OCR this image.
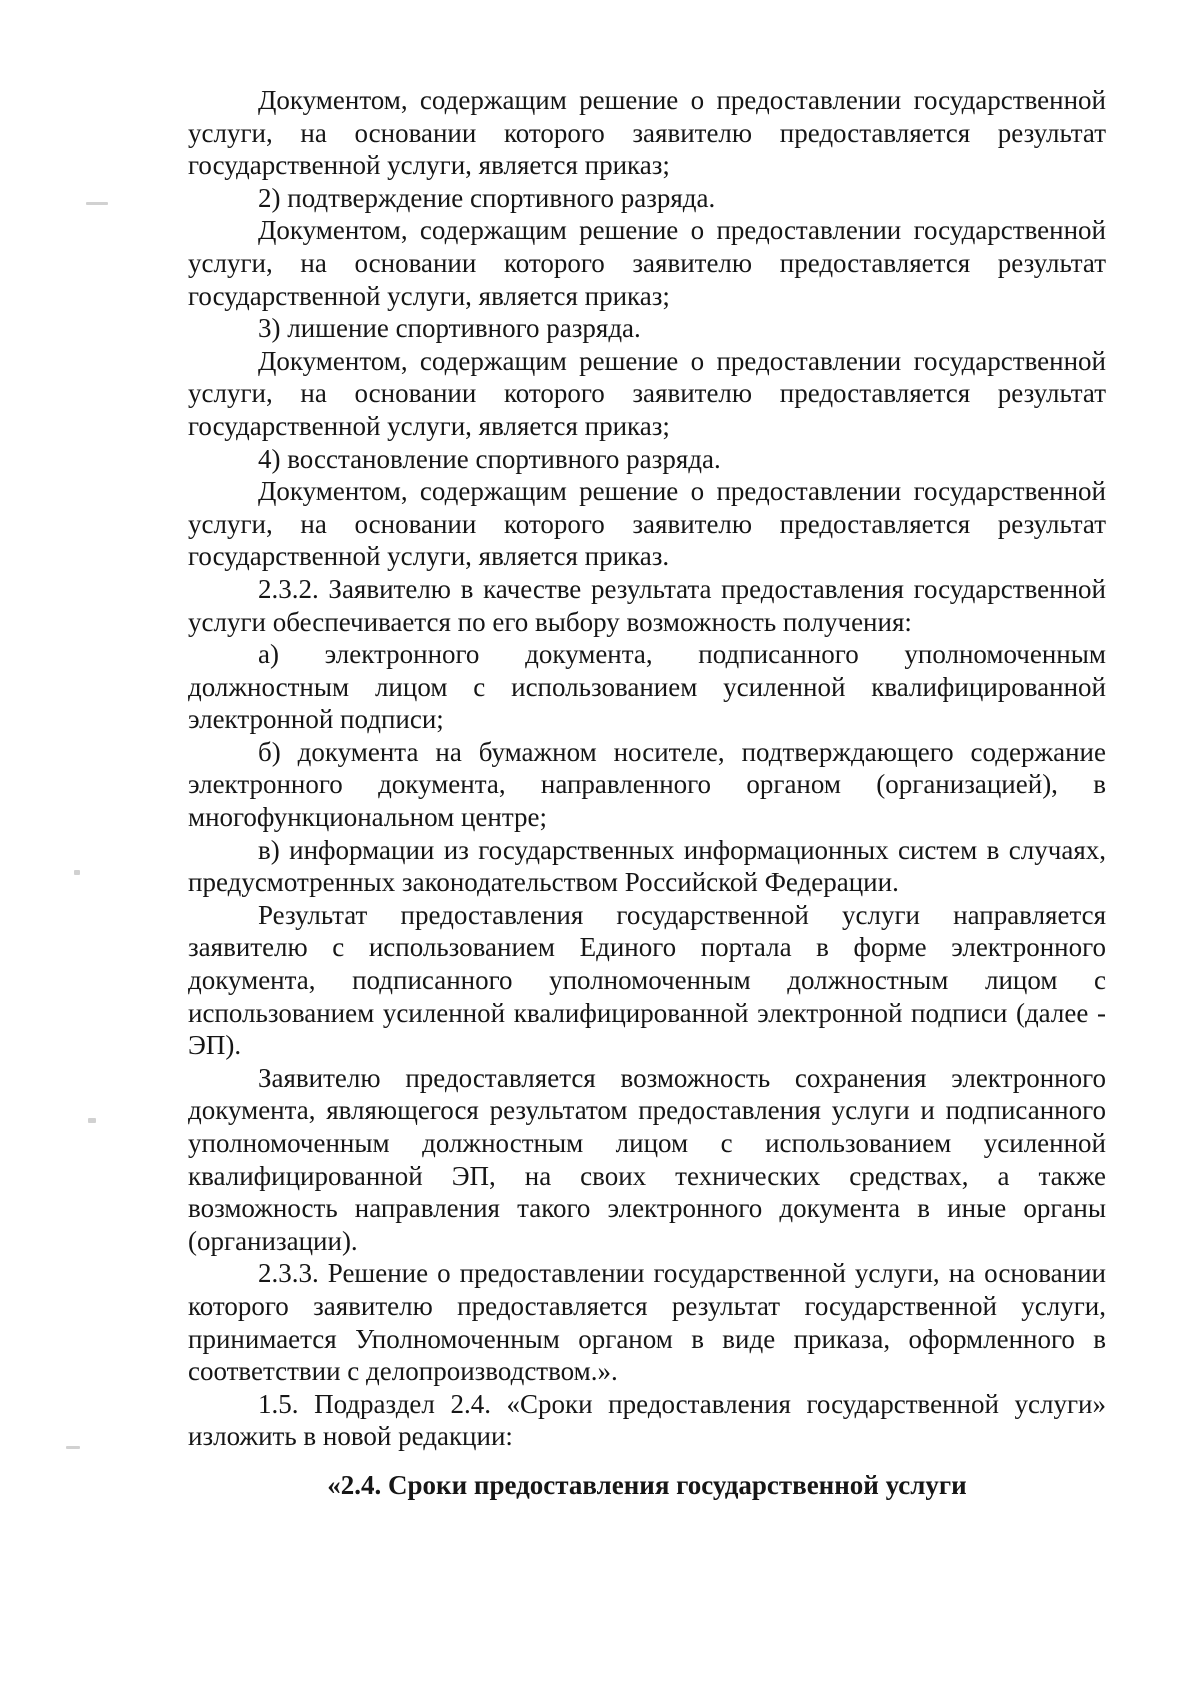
Документом, содержащим решение о предоставлении государственной услуги, на основании которого заявителю предоставляется результат государственной услуги, является приказ;

2) подтверждение спортивного разряда.

Документом, содержащим решение о предоставлении государственной услуги, на основании которого заявителю предоставляется результат государственной услуги, является приказ;

3) лишение спортивного разряда.

Документом, содержащим решение о предоставлении государственной услуги, на основании которого заявителю предоставляется результат государственной услуги, является приказ;

4) восстановление спортивного разряда.

Документом, содержащим решение о предоставлении государственной услуги, на основании которого заявителю предоставляется результат государственной услуги, является приказ.

2.3.2. Заявителю в качестве результата предоставления государственной услуги обеспечивается по его выбору возможность получения:

а) электронного документа, подписанного уполномоченным должностным лицом с использованием усиленной квалифицированной электронной подписи;

б) документа на бумажном носителе, подтверждающего содержание электронного документа, направленного органом (организацией), в многофункциональном центре;

в) информации из государственных информационных систем в случаях, предусмотренных законодательством Российской Федерации.

Результат предоставления государственной услуги направляется заявителю с использованием Единого портала в форме электронного документа, подписанного уполномоченным должностным лицом с использованием усиленной квалифицированной электронной подписи (далее - ЭП).

Заявителю предоставляется возможность сохранения электронного документа, являющегося результатом предоставления услуги и подписанного уполномоченным должностным лицом с использованием усиленной квалифицированной ЭП, на своих технических средствах, а также возможность направления такого электронного документа в иные органы (организации).

2.3.3. Решение о предоставлении государственной услуги, на основании которого заявителю предоставляется результат государственной услуги, принимается Уполномоченным органом в виде приказа, оформленного в соответствии с делопроизводством.».

1.5. Подраздел 2.4. «Сроки предоставления государственной услуги» изложить в новой редакции:

«2.4. Сроки предоставления государственной услуги
